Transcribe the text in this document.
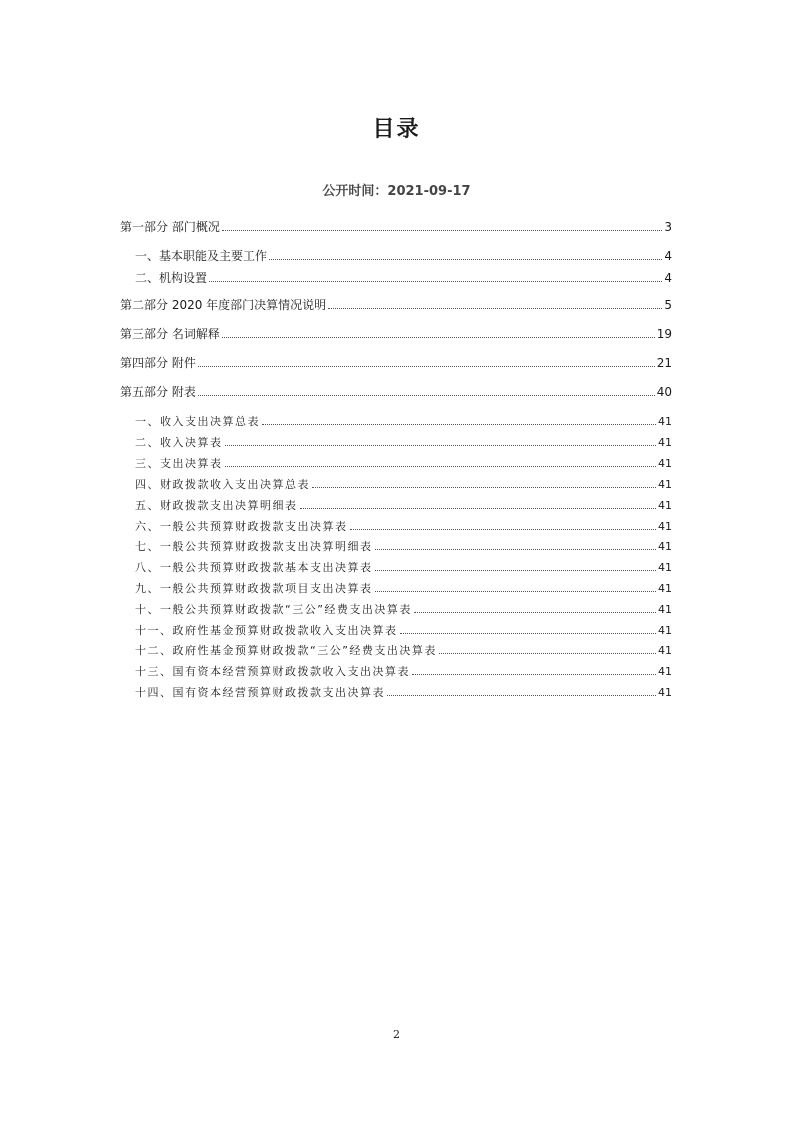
目录
公开时间：2021-09-17
第一部分 部门概况	3
一、基本职能及主要工作	4
二、机构设置	4
第二部分 2020 年度部门决算情况说明	5
第三部分 名词解释	19
第四部分 附件	21
第五部分 附表	40
一、收入支出决算总表	41
二、收入决算表	41
三、支出决算表	41
四、财政拨款收入支出决算总表	41
五、财政拨款支出决算明细表	41
六、一般公共预算财政拨款支出决算表	41
七、一般公共预算财政拨款支出决算明细表	41
八、一般公共预算财政拨款基本支出决算表	41
九、一般公共预算财政拨款项目支出决算表	41
十、一般公共预算财政拨款“三公”经费支出决算表	41
十一、政府性基金预算财政拨款收入支出决算表	41
十二、政府性基金预算财政拨款“三公”经费支出决算表	41
十三、国有资本经营预算财政拨款收入支出决算表	41
十四、国有资本经营预算财政拨款支出决算表	41
2
